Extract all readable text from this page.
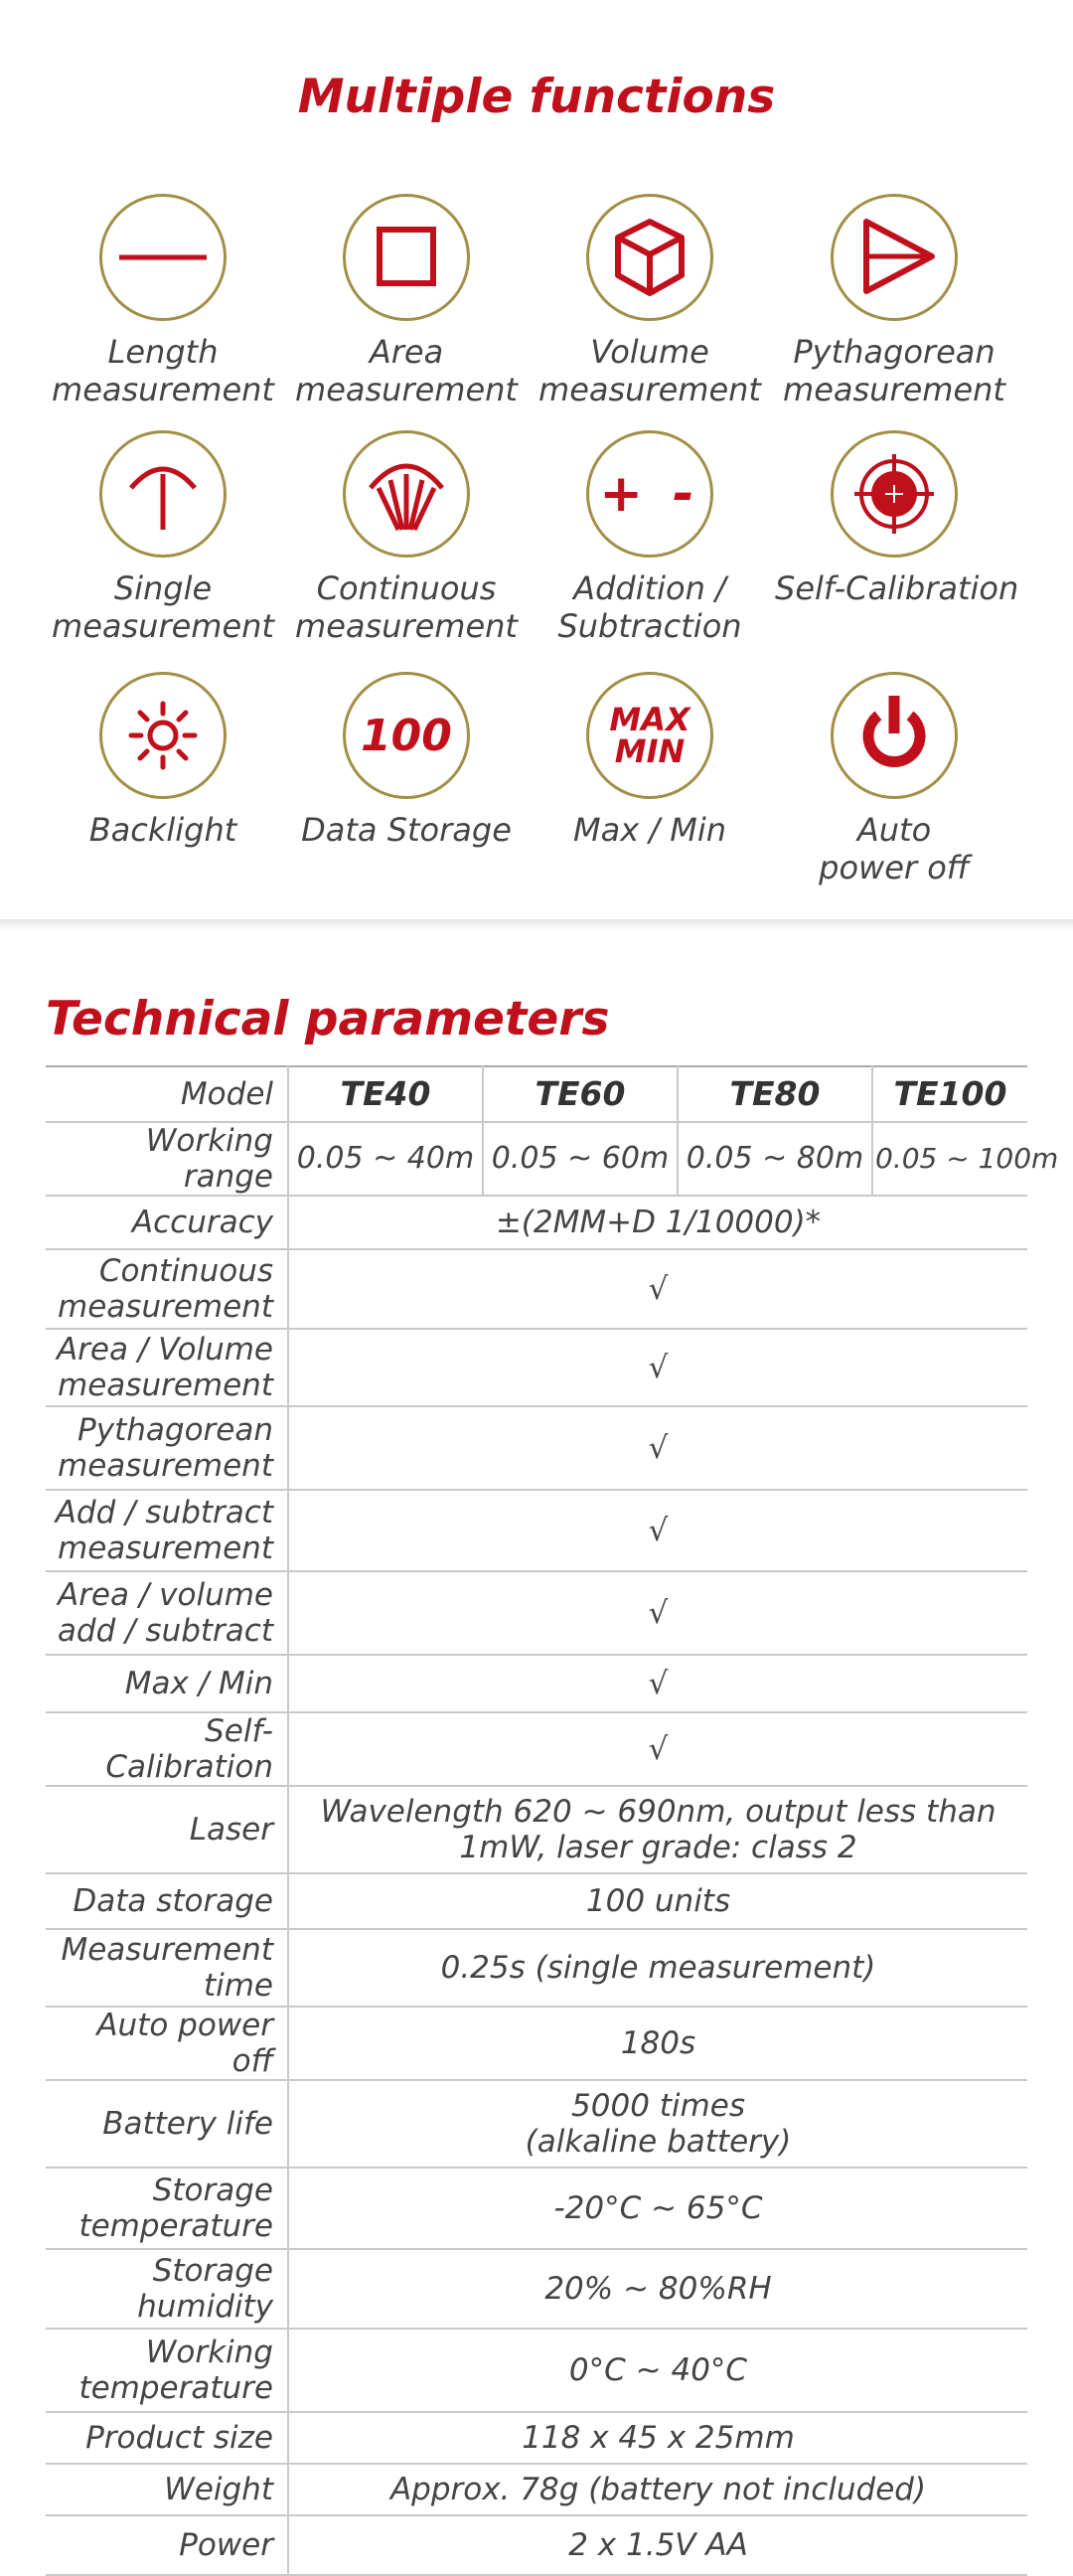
Multiple functions
Length
measurement
Area
measurement
Volume
measurement
Pythagorean
measurement
Single
measurement
Continuous
measurement
+ -
Addition /
Subtraction
Self-Calibration
Backlight
100
Data Storage
MAX
MIN
Max / Min	Auto
power off
Technical parameters
Model	TE40	TE60	TE80	TE100
Working range	0.05 ~ 40m	0.05 ~ 60m	0.05 ~ 80m	0.05 ~ 100m

Accuracy	±(2MM+D 1/10000)*			

Continuous
measurement	√			

Area / Volume
measurement	√			

Pythagorean
measurement	√			

Add / subtract
measurement	√			

Area / volume
add / subtract	√			

Max / Min	√			

Self-Calibration	√			

Laser	Wavelength 620 ~ 690nm, output less than
1mW, laser grade: class 2			

Data storage	100 units			

Measurement
time	0.25s (single measurement)			

Auto power off	180s			

Battery life	5000 times
(alkaline battery)			

Storage
temperature	-20°C ~ 65°C			

Storage
humidity	20% ~ 80%RH			

Working
temperature	0°C ~ 40°C			

Product size	118 x 45 x 25mm			

Weight	Approx. 78g (battery not included)			

Power	2 x 1.5V AA			
